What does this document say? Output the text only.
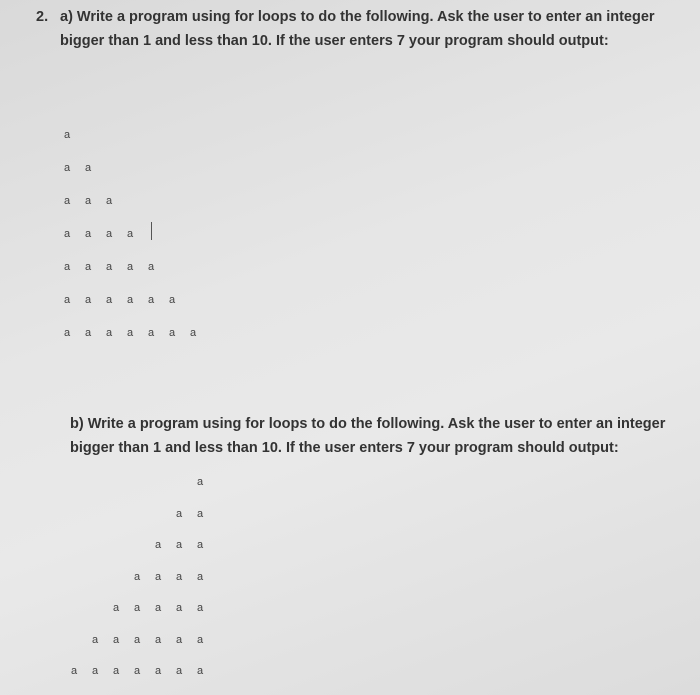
2. a) Write a program using for loops to do the following. Ask the user to enter an integer bigger than 1 and less than 10. If the user enters 7 your program should output:
a
a a
a a a
a a a a
a a a a a
a a a a a a
a a a a a a a
b) Write a program using for loops to do the following. Ask the user to enter an integer bigger than 1 and less than 10. If the user enters 7 your program should output:
a
a a
a a a
a a a a
a a a a a
a a a a a a
a a a a a a a
